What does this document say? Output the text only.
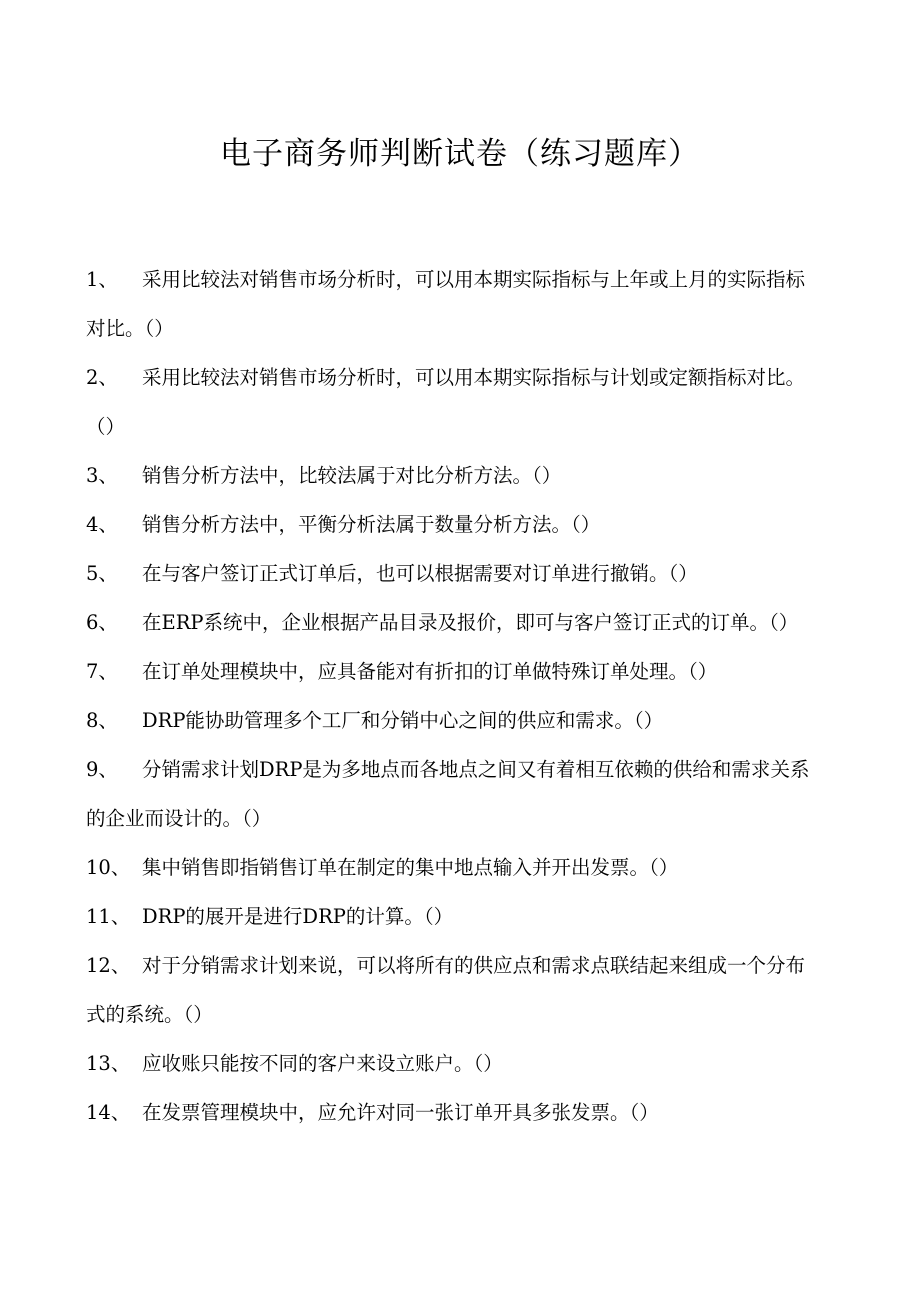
电子商务师判断试卷（练习题库）
1、 采用比较法对销售市场分析时，可以用本期实际指标与上年或上月的实际指标对比。（）
2、 采用比较法对销售市场分析时，可以用本期实际指标与计划或定额指标对比。（）
3、 销售分析方法中，比较法属于对比分析方法。（）
4、 销售分析方法中，平衡分析法属于数量分析方法。（）
5、 在与客户签订正式订单后，也可以根据需要对订单进行撤销。（）
6、 在ERP系统中，企业根据产品目录及报价，即可与客户签订正式的订单。（）
7、 在订单处理模块中，应具备能对有折扣的订单做特殊订单处理。（）
8、 DRP能协助管理多个工厂和分销中心之间的供应和需求。（）
9、 分销需求计划DRP是为多地点而各地点之间又有着相互依赖的供给和需求关系的企业而设计的。（）
10、 集中销售即指销售订单在制定的集中地点输入并开出发票。（）
11、 DRP的展开是进行DRP的计算。（）
12、 对于分销需求计划来说，可以将所有的供应点和需求点联结起来组成一个分布式的系统。（）
13、 应收账只能按不同的客户来设立账户。（）
14、 在发票管理模块中，应允许对同一张订单开具多张发票。（）
